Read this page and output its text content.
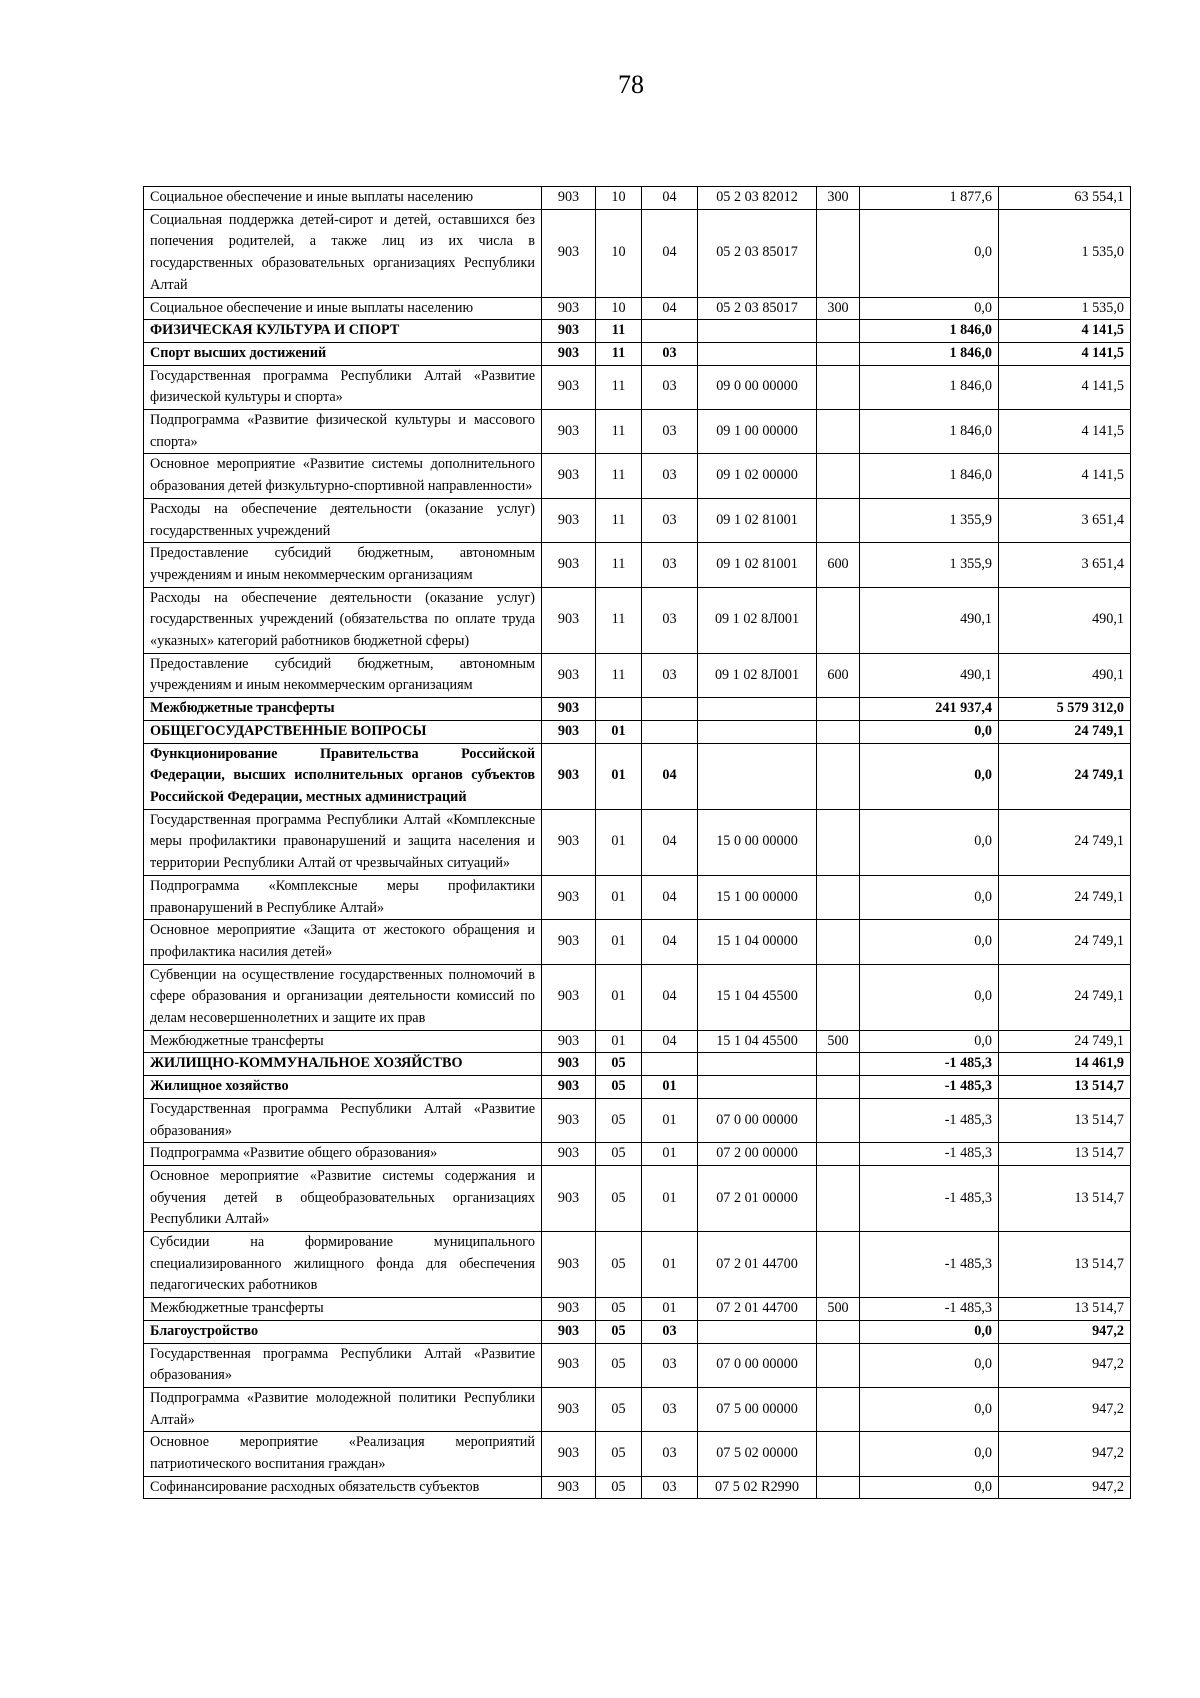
78
Социальное обеспечение и иные выплаты населению	903	10	04	05 2 03 82012	300	1 877,6	63 554,1
Социальная поддержка детей-сирот и детей, оставшихся без попечения родителей, а также лиц из их числа в государственных образовательных организациях Республики Алтай	903	10	04	05 2 03 85017		0,0	1 535,0
Социальное обеспечение и иные выплаты населению	903	10	04	05 2 03 85017	300	0,0	1 535,0
ФИЗИЧЕСКАЯ КУЛЬТУРА И СПОРТ	903	11				1 846,0	4 141,5
Спорт высших достижений	903	11	03			1 846,0	4 141,5
Государственная программа Республики Алтай «Развитие физической культуры и спорта»	903	11	03	09 0 00 00000		1 846,0	4 141,5
Подпрограмма «Развитие физической культуры и массового спорта»	903	11	03	09 1 00 00000		1 846,0	4 141,5
Основное мероприятие «Развитие системы дополнительного образования детей физкультурно-спортивной направленности»	903	11	03	09 1 02 00000		1 846,0	4 141,5
Расходы на обеспечение деятельности (оказание услуг) государственных учреждений	903	11	03	09 1 02 81001		1 355,9	3 651,4
Предоставление субсидий бюджетным, автономным учреждениям и иным некоммерческим организациям	903	11	03	09 1 02 81001	600	1 355,9	3 651,4
Расходы на обеспечение деятельности (оказание услуг) государственных учреждений (обязательства по оплате труда «указных» категорий работников бюджетной сферы)	903	11	03	09 1 02 8Л001		490,1	490,1
Предоставление субсидий бюджетным, автономным учреждениям и иным некоммерческим организациям	903	11	03	09 1 02 8Л001	600	490,1	490,1
Межбюджетные трансферты	903					241 937,4	5 579 312,0
ОБЩЕГОСУДАРСТВЕННЫЕ ВОПРОСЫ	903	01				0,0	24 749,1
Функционирование Правительства Российской Федерации, высших исполнительных органов субъектов Российской Федерации, местных администраций	903	01	04			0,0	24 749,1
Государственная программа Республики Алтай «Комплексные меры профилактики правонарушений и защита населения и территории Республики Алтай от чрезвычайных ситуаций»	903	01	04	15 0 00 00000		0,0	24 749,1
Подпрограмма «Комплексные меры профилактики правонарушений в Республике Алтай»	903	01	04	15 1 00 00000		0,0	24 749,1
Основное мероприятие «Защита от жестокого обращения и профилактика насилия детей»	903	01	04	15 1 04 00000		0,0	24 749,1
Субвенции на осуществление государственных полномочий в сфере образования и организации деятельности комиссий по делам несовершеннолетних и защите их прав	903	01	04	15 1 04 45500		0,0	24 749,1
Межбюджетные трансферты	903	01	04	15 1 04 45500	500	0,0	24 749,1
ЖИЛИЩНО-КОММУНАЛЬНОЕ ХОЗЯЙСТВО	903	05				-1 485,3	14 461,9
Жилищное хозяйство	903	05	01			-1 485,3	13 514,7
Государственная программа Республики Алтай «Развитие образования»	903	05	01	07 0 00 00000		-1 485,3	13 514,7
Подпрограмма «Развитие общего образования»	903	05	01	07 2 00 00000		-1 485,3	13 514,7
Основное мероприятие «Развитие системы содержания и обучения детей в общеобразовательных организациях Республики Алтай»	903	05	01	07 2 01 00000		-1 485,3	13 514,7
Субсидии на формирование муниципального специализированного жилищного фонда для обеспечения педагогических работников	903	05	01	07 2 01 44700		-1 485,3	13 514,7
Межбюджетные трансферты	903	05	01	07 2 01 44700	500	-1 485,3	13 514,7
Благоустройство	903	05	03			0,0	947,2
Государственная программа Республики Алтай «Развитие образования»	903	05	03	07 0 00 00000		0,0	947,2
Подпрограмма «Развитие молодежной политики Республики Алтай»	903	05	03	07 5 00 00000		0,0	947,2
Основное мероприятие «Реализация мероприятий патриотического воспитания граждан»	903	05	03	07 5 02 00000		0,0	947,2
Софинансирование расходных обязательств субъектов	903	05	03	07 5 02 R2990		0,0	947,2
